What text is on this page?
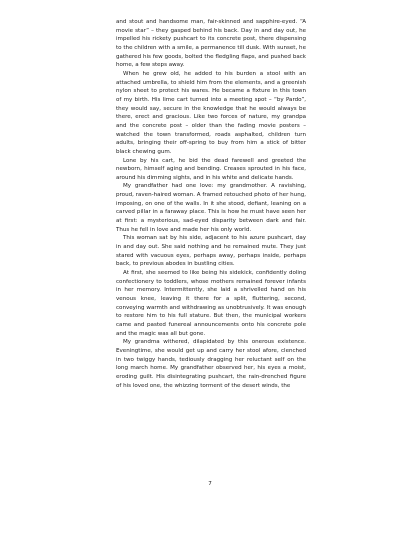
and stout and handsome man, fair-skinned and sapphire-eyed. “A movie star” – they gasped behind his back. Day in and day out, he impelled his rickety pushcart to its concrete post, there dispensing to the children with a smile, a permanence till dusk. With sunset, he gathered his few goods, bolted the fledgling flaps, and pushed back home, a few steps away.

When he grew old, he added to his burden a stool with an attached umbrella, to shield him from the elements, and a greenish nylon sheet to protect his wares. He became a fixture in this town of my birth. His lime cart turned into a meeting spot – “by Pardo”, they would say, secure in the knowledge that he would always be there, erect and gracious. Like two forces of nature, my grandpa and the concrete post – older than the fading movie posters – watched the town transformed, roads asphalted, children turn adults, bringing their off-spring to buy from him a stick of bitter black chewing gum.

Lone by his cart, he bid the dead farewell and greeted the newborn, himself aging and bending. Creases sprouted in his face, around his dimming sights, and in his white and delicate hands.

My grandfather had one love: my grandmother. A ravishing, proud, raven-haired woman. A framed retouched photo of her hung, imposing, on one of the walls. In it she stood, defiant, leaning on a carved pillar in a faraway place. This is how he must have seen her at first: a mysterious, sad-eyed disparity between dark and fair. Thus he fell in love and made her his only world.

This woman sat by his side, adjacent to his azure pushcart, day in and day out. She said nothing and he remained mute. They just stared with vacuous eyes, perhaps away, perhaps inside, perhaps back, to previous abodes in bustling cities.

At first, she seemed to like being his sidekick, confidently doling confectionery to toddlers, whose mothers remained forever infants in her memory. Intermittently, she laid a shrivelled hand on his venous knee, leaving it there for a split, fluttering, second, conveying warmth and withdrawing as unobtrusively. It was enough to restore him to his full stature. But then, the municipal workers came and pasted funereal announcements onto his concrete pole and the magic was all but gone.

My grandma withered, dilapidated by this onerous existence. Eveningtime, she would get up and carry her stool afore, clenched in two twiggy hands, tediously dragging her reluctant self on the long march home. My grandfather observed her, his eyes a moist, eroding guilt. His disintegrating pushcart, the rain-drenched figure of his loved one, the whizzing torment of the desert winds, the

7
